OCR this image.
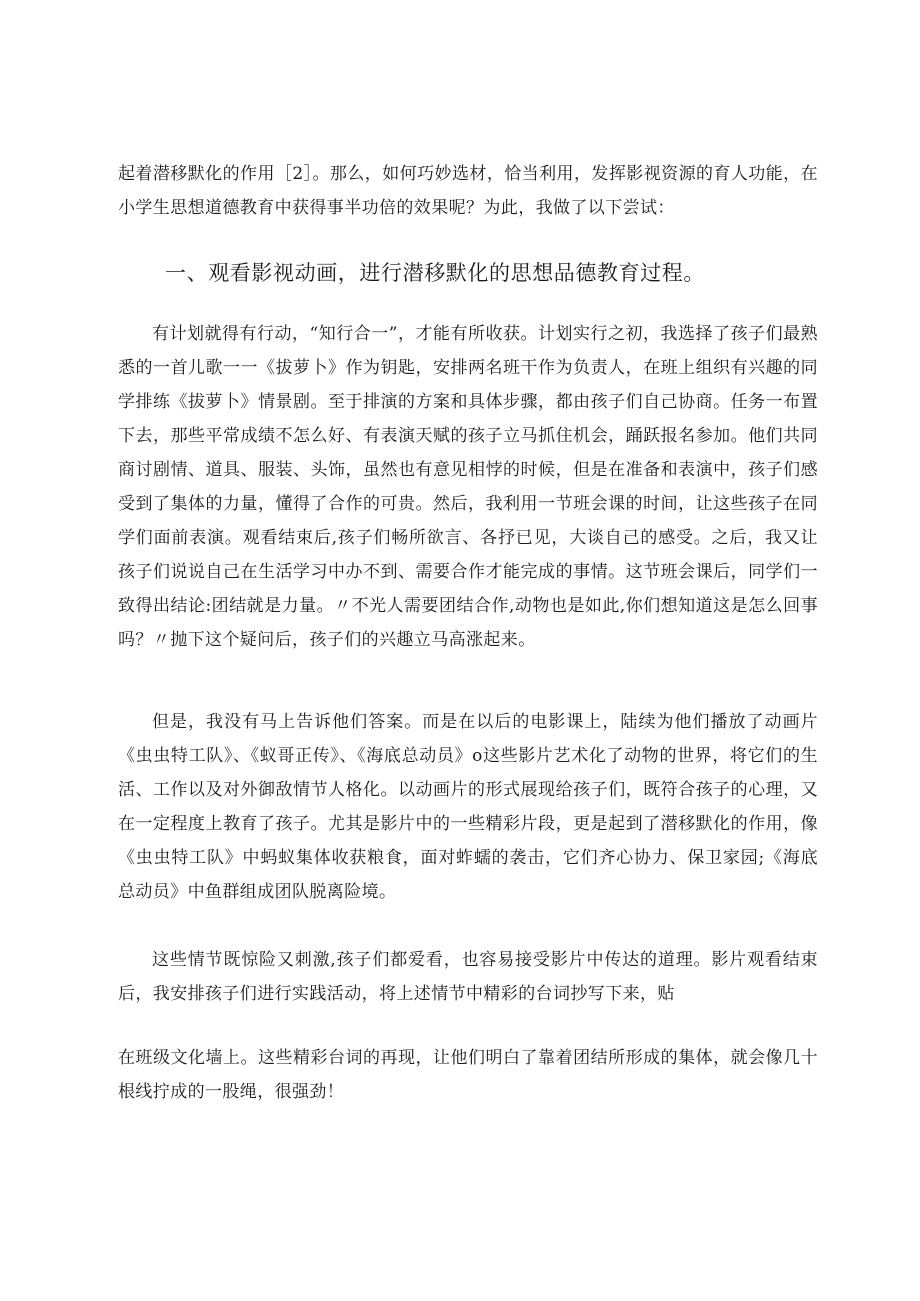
起着潜移默化的作用［2］。那么，如何巧妙选材，恰当利用，发挥影视资源的育人功能，在小学生思想道德教育中获得事半功倍的效果呢？为此，我做了以下尝试：

一、观看影视动画，进行潜移默化的思想品德教育过程。

有计划就得有行动，“知行合一”，才能有所收获。计划实行之初，我选择了孩子们最熟悉的一首儿歌一一《拔萝卜》作为钥匙，安排两名班干作为负责人，在班上组织有兴趣的同学排练《拔萝卜》情景剧。至于排演的方案和具体步骤，都由孩子们自己协商。任务一布置下去，那些平常成绩不怎么好、有表演天赋的孩子立马抓住机会，踊跃报名参加。他们共同商讨剧情、道具、服装、头饰，虽然也有意见相悖的时候，但是在准备和表演中，孩子们感受到了集体的力量，懂得了合作的可贵。然后，我利用一节班会课的时间，让这些孩子在同学们面前表演。观看结束后,孩子们畅所欲言、各抒已见，大谈自己的感受。之后，我又让孩子们说说自己在生活学习中办不到、需要合作才能完成的事情。这节班会课后，同学们一致得出结论:团结就是力量。〃不光人需要团结合作,动物也是如此,你们想知道这是怎么回事吗？〃抛下这个疑问后，孩子们的兴趣立马高涨起来。

但是，我没有马上告诉他们答案。而是在以后的电影课上，陆续为他们播放了动画片《虫虫特工队》、《蚁哥正传》、《海底总动员》o这些影片艺术化了动物的世界，将它们的生活、工作以及对外御敌情节人格化。以动画片的形式展现给孩子们，既符合孩子的心理，又在一定程度上教育了孩子。尤其是影片中的一些精彩片段，更是起到了潜移默化的作用，像《虫虫特工队》中蚂蚁集体收获粮食，面对蚱蠕的袭击，它们齐心协力、保卫家园;《海底总动员》中鱼群组成团队脱离险境。

这些情节既惊险又刺激,孩子们都爱看，也容易接受影片中传达的道理。影片观看结束后，我安排孩子们进行实践活动，将上述情节中精彩的台词抄写下来，贴

在班级文化墙上。这些精彩台词的再现，让他们明白了靠着团结所形成的集体，就会像几十根线拧成的一股绳，很强劲！
